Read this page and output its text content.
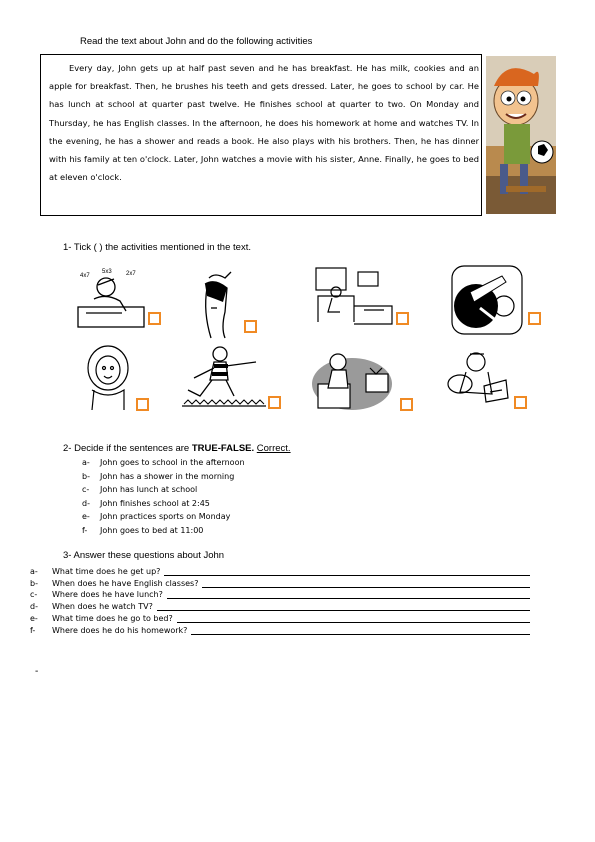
Read the text about John and do the following activities

Every day, John gets up at half past seven and he has breakfast. He has milk, cookies and an apple for breakfast. Then, he brushes his teeth and gets dressed. Later, he goes to school by car. He has lunch at school at quarter past twelve. He finishes school at quarter to two. On Monday and Thursday, he has English classes. In the afternoon, he does his homework at home and watches TV. In the evening, he has a shower and reads a book. He also plays with his brothers. Then, he has dinner with his family at ten o'clock. Later, John watches a movie with his sister, Anne. Finally, he goes to bed at eleven o'clock.

1- Tick ( ) the activities mentioned in the text.
4x7
5x3 2x7
2- Decide if the sentences are TRUE-FALSE. Correct.
a-	John goes to school in the afternoon
b-	John has a shower in the morning
c-	John has lunch at school
d-	John finishes school at 2:45
e-	John practices sports on Monday
f-	John goes to bed at 11:00
3- Answer these questions about John
a-	What time does he get up?
b-	When does he have English classes?
c-	Where does he have lunch?
d-	When does he watch TV?
e-	What time does he go to bed?
f-	Where does he do his homework?
-
